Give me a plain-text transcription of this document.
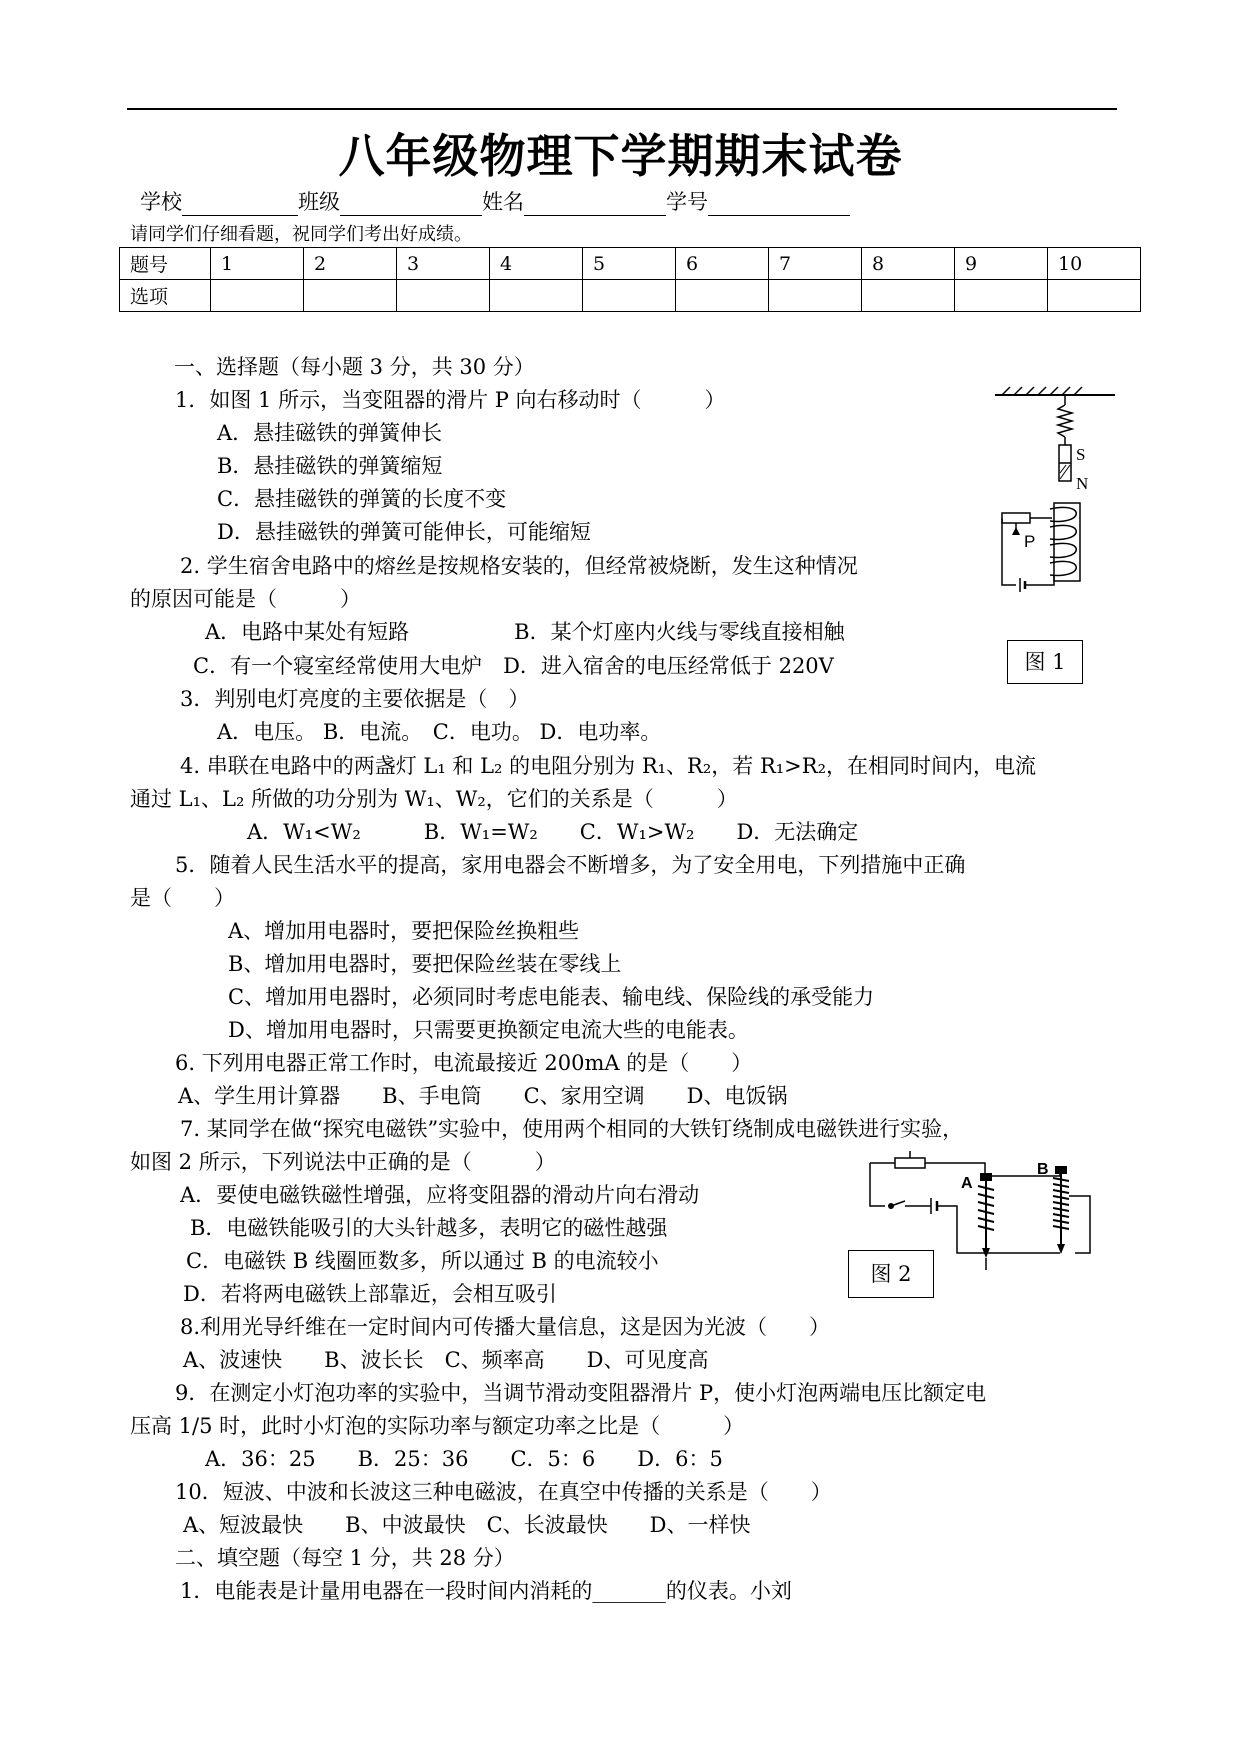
八年级物理下学期期末试卷
学校	班级	姓名	学号
请同学们仔细看题，祝同学们考出好成绩。
题号	1	2	3	4	5	6	7	8	9	10
选项										
一、选择题（每小题 3 分，共 30 分）
1．如图 1 所示，当变阻器的滑片 P 向右移动时（　　　）
A．悬挂磁铁的弹簧伸长
B．悬挂磁铁的弹簧缩短
C．悬挂磁铁的弹簧的长度不变
D．悬挂磁铁的弹簧可能伸长，可能缩短
2. 学生宿舍电路中的熔丝是按规格安装的，但经常被烧断，发生这种情况
的原因可能是（　　　）
A．电路中某处有短路　　　　　B．某个灯座内火线与零线直接相触
C．有一个寝室经常使用大电炉　D．进入宿舍的电压经常低于 220V
3．判别电灯亮度的主要依据是（　）
A．电压。 B．电流。　C．电功。 D．电功率。
4. 串联在电路中的两盏灯 L₁ 和 L₂ 的电阻分别为 R₁、R₂，若 R₁>R₂，在相同时间内，电流
通过 L₁、L₂ 所做的功分别为 W₁、W₂，它们的关系是（　　　）
A．W₁<W₂　　　B．W₁=W₂　　C．W₁>W₂　　D．无法确定
5．随着人民生活水平的提高，家用电器会不断增多，为了安全用电，下列措施中正确
是（　　）
A、增加用电器时，要把保险丝换粗些
B、增加用电器时，要把保险丝装在零线上
C、增加用电器时，必须同时考虑电能表、输电线、保险线的承受能力
D、增加用电器时，只需要更换额定电流大些的电能表。
6. 下列用电器正常工作时，电流最接近 200mA 的是（　　）
A、学生用计算器　　B、手电筒　　C、家用空调　　D、电饭锅
7. 某同学在做“探究电磁铁”实验中，使用两个相同的大铁钉绕制成电磁铁进行实验，
如图 2 所示，下列说法中正确的是（　　　）
A．要使电磁铁磁性增强，应将变阻器的滑动片向右滑动
B．电磁铁能吸引的大头针越多，表明它的磁性越强
C．电磁铁 B 线圈匝数多，所以通过 B 的电流较小
D．若将两电磁铁上部靠近，会相互吸引
8.利用光导纤维在一定时间内可传播大量信息，这是因为光波（　　）
A、波速快　　B、波长长　C、频率高　　D、可见度高
9．在测定小灯泡功率的实验中，当调节滑动变阻器滑片 P，使小灯泡两端电压比额定电
压高 1/5 时，此时小灯泡的实际功率与额定功率之比是（　　　）
A．36：25　　B．25：36　　C．5：6　　D．6：5
10．短波、中波和长波这三种电磁波，在真空中传播的关系是（　　）
A、短波最快　　B、中波最快　C、长波最快　　D、一样快
二、填空题（每空 1 分，共 28 分）
1．电能表是计量用电器在一段时间内消耗的_______的仪表。小刘
S
N
P
图 1
A
B
图 2
